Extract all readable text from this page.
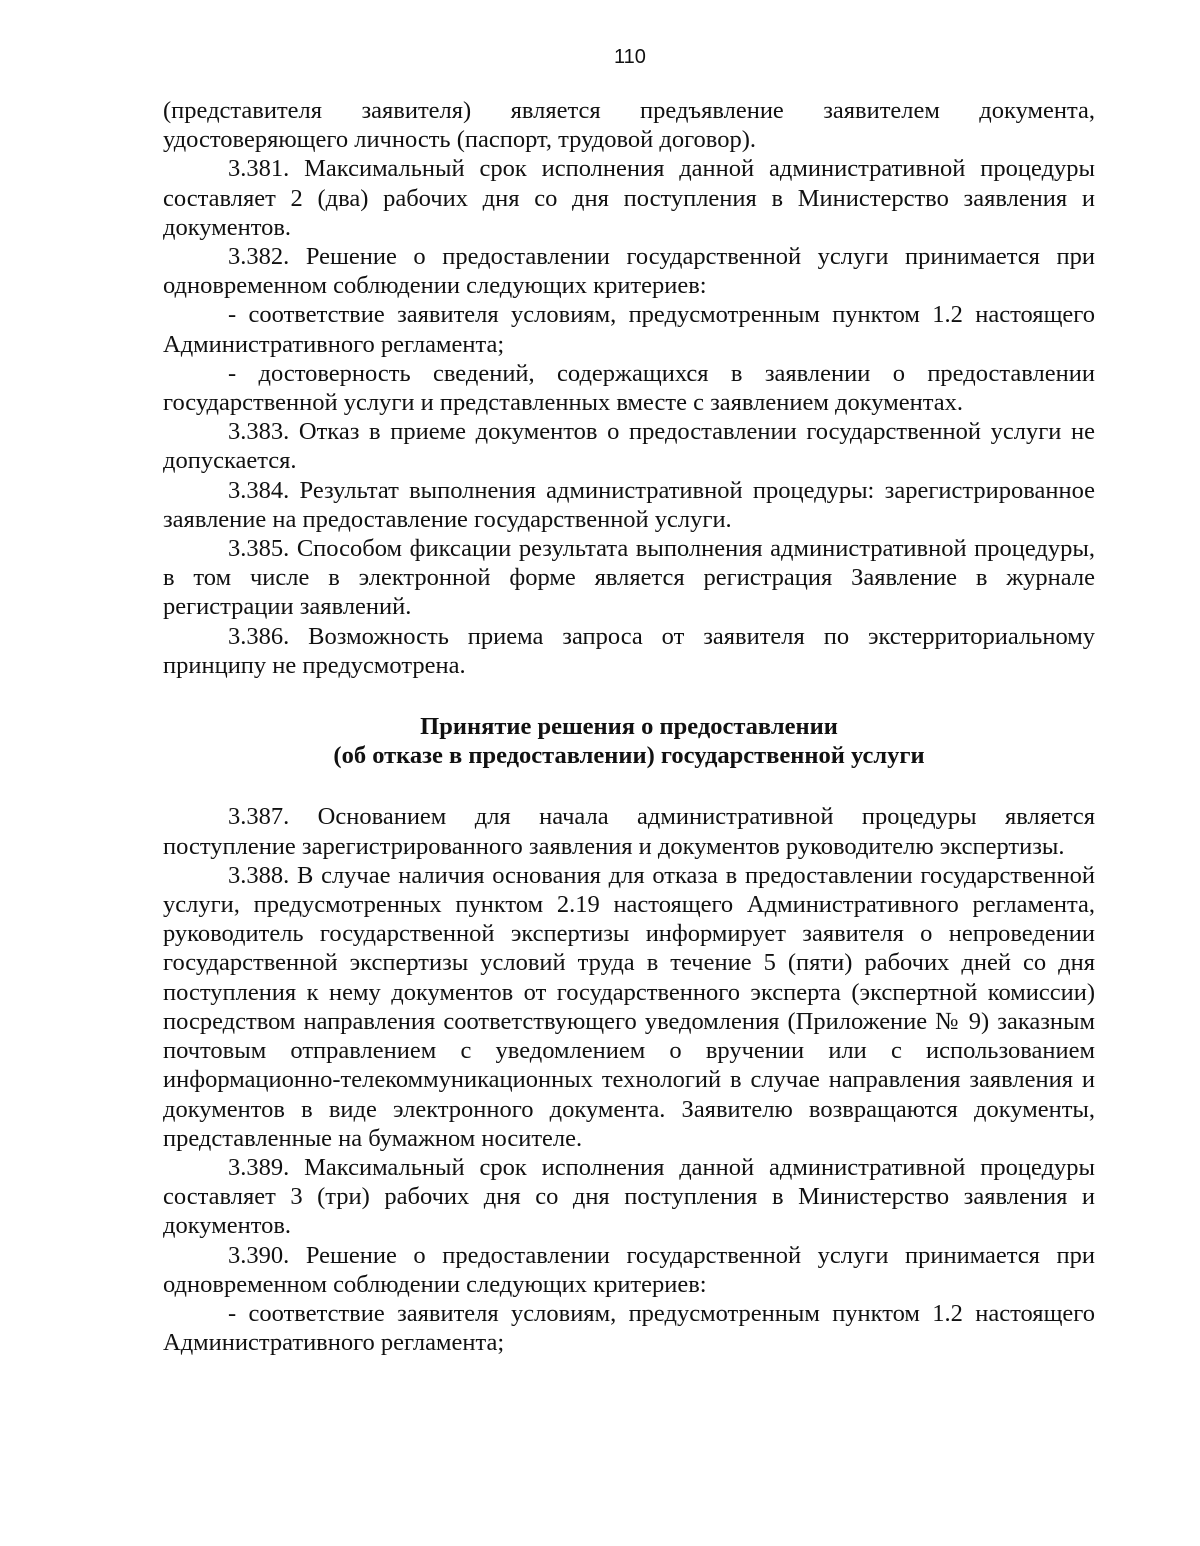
110

(представителя заявителя) является предъявление заявителем документа, удостоверяющего личность (паспорт, трудовой договор).

3.381. Максимальный срок исполнения данной административной процедуры составляет 2 (два) рабочих дня со дня поступления в Министерство заявления и документов.

3.382. Решение о предоставлении государственной услуги принимается при одновременном соблюдении следующих критериев:

- соответствие заявителя условиям, предусмотренным пунктом 1.2 настоящего Административного регламента;

- достоверность сведений, содержащихся в заявлении о предоставлении государственной услуги и представленных вместе с заявлением документах.

3.383. Отказ в приеме документов о предоставлении государственной услуги не допускается.

3.384. Результат выполнения административной процедуры: зарегистрированное заявление на предоставление государственной услуги.

3.385. Способом фиксации результата выполнения административной процедуры, в том числе в электронной форме является регистрация Заявление в журнале регистрации заявлений.

3.386. Возможность приема запроса от заявителя по экстерриториальному принципу не предусмотрена.

Принятие решения о предоставлении
(об отказе в предоставлении) государственной услуги

3.387. Основанием для начала административной процедуры является поступление зарегистрированного заявления и документов руководителю экспертизы.

3.388. В случае наличия основания для отказа в предоставлении государственной услуги, предусмотренных пунктом 2.19 настоящего Административного регламента, руководитель государственной экспертизы информирует заявителя о непроведении государственной экспертизы условий труда в течение 5 (пяти) рабочих дней со дня поступления к нему документов от государственного эксперта (экспертной комиссии) посредством направления соответствующего уведомления (Приложение № 9) заказным почтовым отправлением с уведомлением о вручении или с использованием информационно-телекоммуникационных технологий в случае направления заявления и документов в виде электронного документа. Заявителю возвращаются документы, представленные на бумажном носителе.

3.389. Максимальный срок исполнения данной административной процедуры составляет 3 (три) рабочих дня со дня поступления в Министерство заявления и документов.

3.390. Решение о предоставлении государственной услуги принимается при одновременном соблюдении следующих критериев:

- соответствие заявителя условиям, предусмотренным пунктом 1.2 настоящего Административного регламента;
